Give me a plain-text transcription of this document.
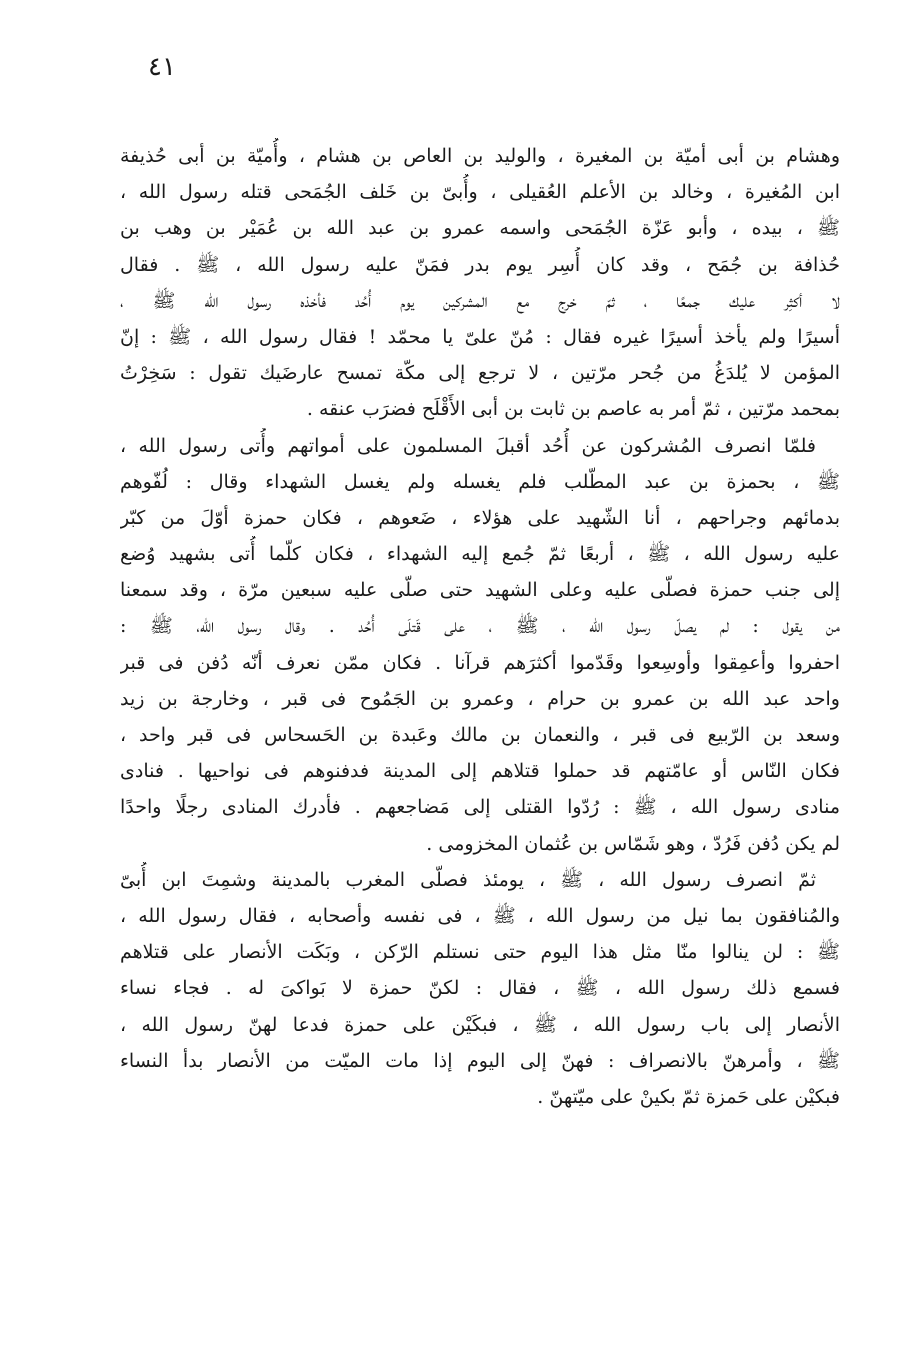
٤١
وهشام بن أبى أميّة بن المغيرة ، والوليد بن العاص بن هشام ، وأُميّة بن أبى حُذيفة
ابن المُغيرة ، وخالد بن الأعلم العُقيلى ، وأُبىّ بن خَلف الجُمَحى قتله رسول الله ،
ﷺ ، بيده ، وأبو عَزّة الجُمَحى واسمه عمرو بن عبد الله بن عُمَيْر بن وهب بن
حُذافة بن جُمَح ، وقد كان أُسِر يوم بدر فمَنّ عليه رسول الله ، ﷺ . فقال
لا أكثِر عليك جمعًا ، ثمّ خرج مع المشركين يوم أُحُد فأخذه رسول الله ﷺ ،
أسيرًا ولم يأخذ أسيرًا غيره فقال : مُنّ علىّ يا محمّد ! فقال رسول الله ، ﷺ : إنّ
المؤمن لا يُلدَغُ من جُحر مرّتين ، لا ترجع إلى مكّة تمسح عارضَيك تقول : سَخِرْتُ
بمحمد مرّتين ، ثمّ أمر به عاصم بن ثابت بن أبى الأَقْلَح فضرَب عنقه .
فلمّا انصرف المُشركون عن أُحُد أقبلَ المسلمون على أمواتهم وأُتى رسول الله ،
ﷺ ، بحمزة بن عبد المطّلب فلم يغسله ولم يغسل الشهداء وقال : لُفّوهم
بدمائهم وجراحهم ، أنا الشّهيد على هؤلاء ، ضَعوهم ، فكان حمزة أوّلَ من كبّر
عليه رسول الله ، ﷺ ، أربعًا ثمّ جُمع إليه الشهداء ، فكان كلّما أُتى بشهيد وُضع
إلى جنب حمزة فصلّى عليه وعلى الشهيد حتى صلّى عليه سبعين مرّة ، وقد سمعنا
من يقول : لم يصلّ رسول الله ، ﷺ ، على قَتلَى أُحُد . وقال رسول الله، ﷺ :
احفروا وأعمِقوا وأوسِعوا وقَدّموا أكثرَهم قرآنا . فكان ممّن نعرف أنّه دُفن فى قبر
واحد عبد الله بن عمرو بن حرام ، وعمرو بن الجَمُوح فى قبر ، وخارجة بن زيد
وسعد بن الرّبيع فى قبر ، والنعمان بن مالك وعَبدة بن الحَسحاس فى قبر واحد ،
فكان النّاس أو عامّتهم قد حملوا قتلاهم إلى المدينة فدفنوهم فى نواحيها . فنادى
منادى رسول الله ، ﷺ : رُدّوا القتلى إلى مَضاجعهم . فأدرك المنادى رجلًا واحدًا
لم يكن دُفن فَرُدّ ، وهو شَمّاس بن عُثمان المخزومى .
ثمّ انصرف رسول الله ، ﷺ ، يومئذ فصلّى المغرب بالمدينة وشمِتَ ابن أُبىّ
والمُنافقون بما نيل من رسول الله ، ﷺ ، فى نفسه وأصحابه ، فقال رسول الله ،
ﷺ : لن ينالوا منّا مثل هذا اليوم حتى نستلم الرّكن ، وبَكَت الأنصار على قتلاهم
فسمع ذلك رسول الله ، ﷺ ، فقال : لكنّ حمزة لا بَواكىَ له . فجاء نساء
الأنصار إلى باب رسول الله ، ﷺ ، فبكَيْن على حمزة فدعا لهنّ رسول الله ،
ﷺ ، وأمرهنّ بالانصراف : فهنّ إلى اليوم إذا مات الميّت من الأنصار بدأ النساء
فبكيْن على حَمزة ثمّ بكينْ على ميّتهنّ .
